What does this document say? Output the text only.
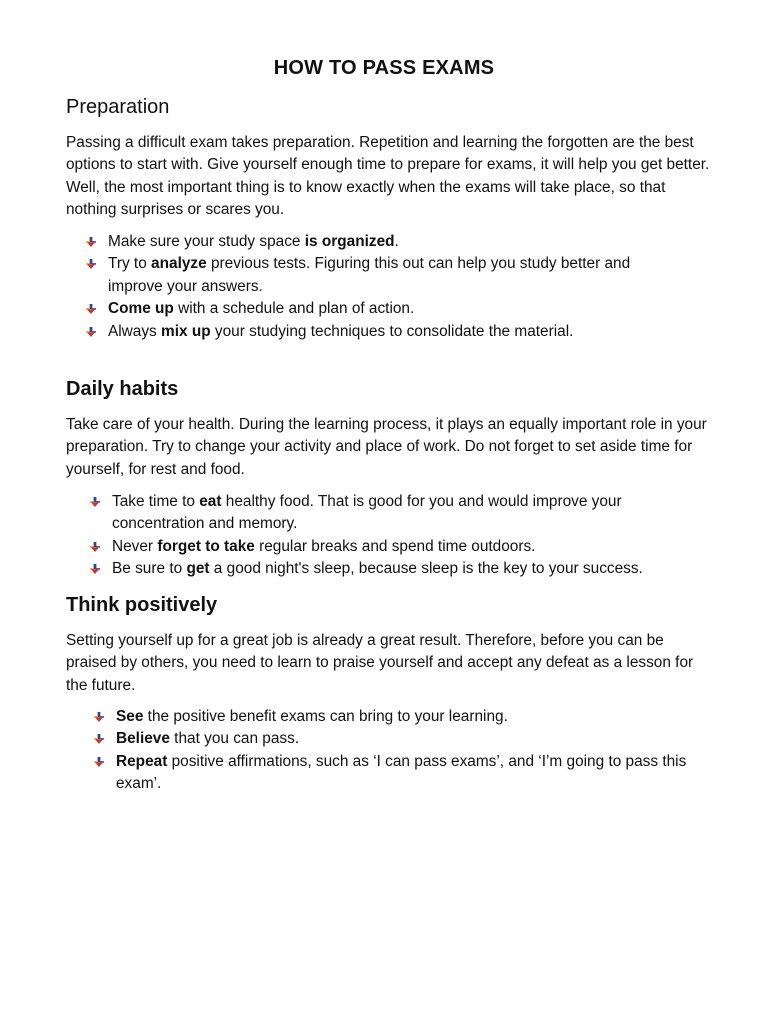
HOW TO PASS EXAMS
Preparation
Passing a difficult exam takes preparation. Repetition and learning the forgotten are the best options to start with. Give yourself enough time to prepare for exams, it will help you get better. Well, the most important thing is to know exactly when the exams will take place, so that nothing surprises or scares you.
Make sure your study space is organized.
Try to analyze previous tests. Figuring this out can help you study better and improve your answers.
Come up with a schedule and plan of action.
Always mix up your studying techniques to consolidate the material.
Daily habits
Take care of your health. During the learning process, it plays an equally important role in your preparation. Try to change your activity and place of work. Do not forget to set aside time for yourself, for rest and food.
Take time to eat healthy food. That is good for you and would improve your concentration and memory.
Never forget to take regular breaks and spend time outdoors.
Be sure to get a good night's sleep, because sleep is the key to your success.
Think positively
Setting yourself up for a great job is already a great result. Therefore, before you can be praised by others, you need to learn to praise yourself and accept any defeat as a lesson for the future.
See the positive benefit exams can bring to your learning.
Believe that you can pass.
Repeat positive affirmations, such as ‘I can pass exams’, and ‘I’m going to pass this exam’.
